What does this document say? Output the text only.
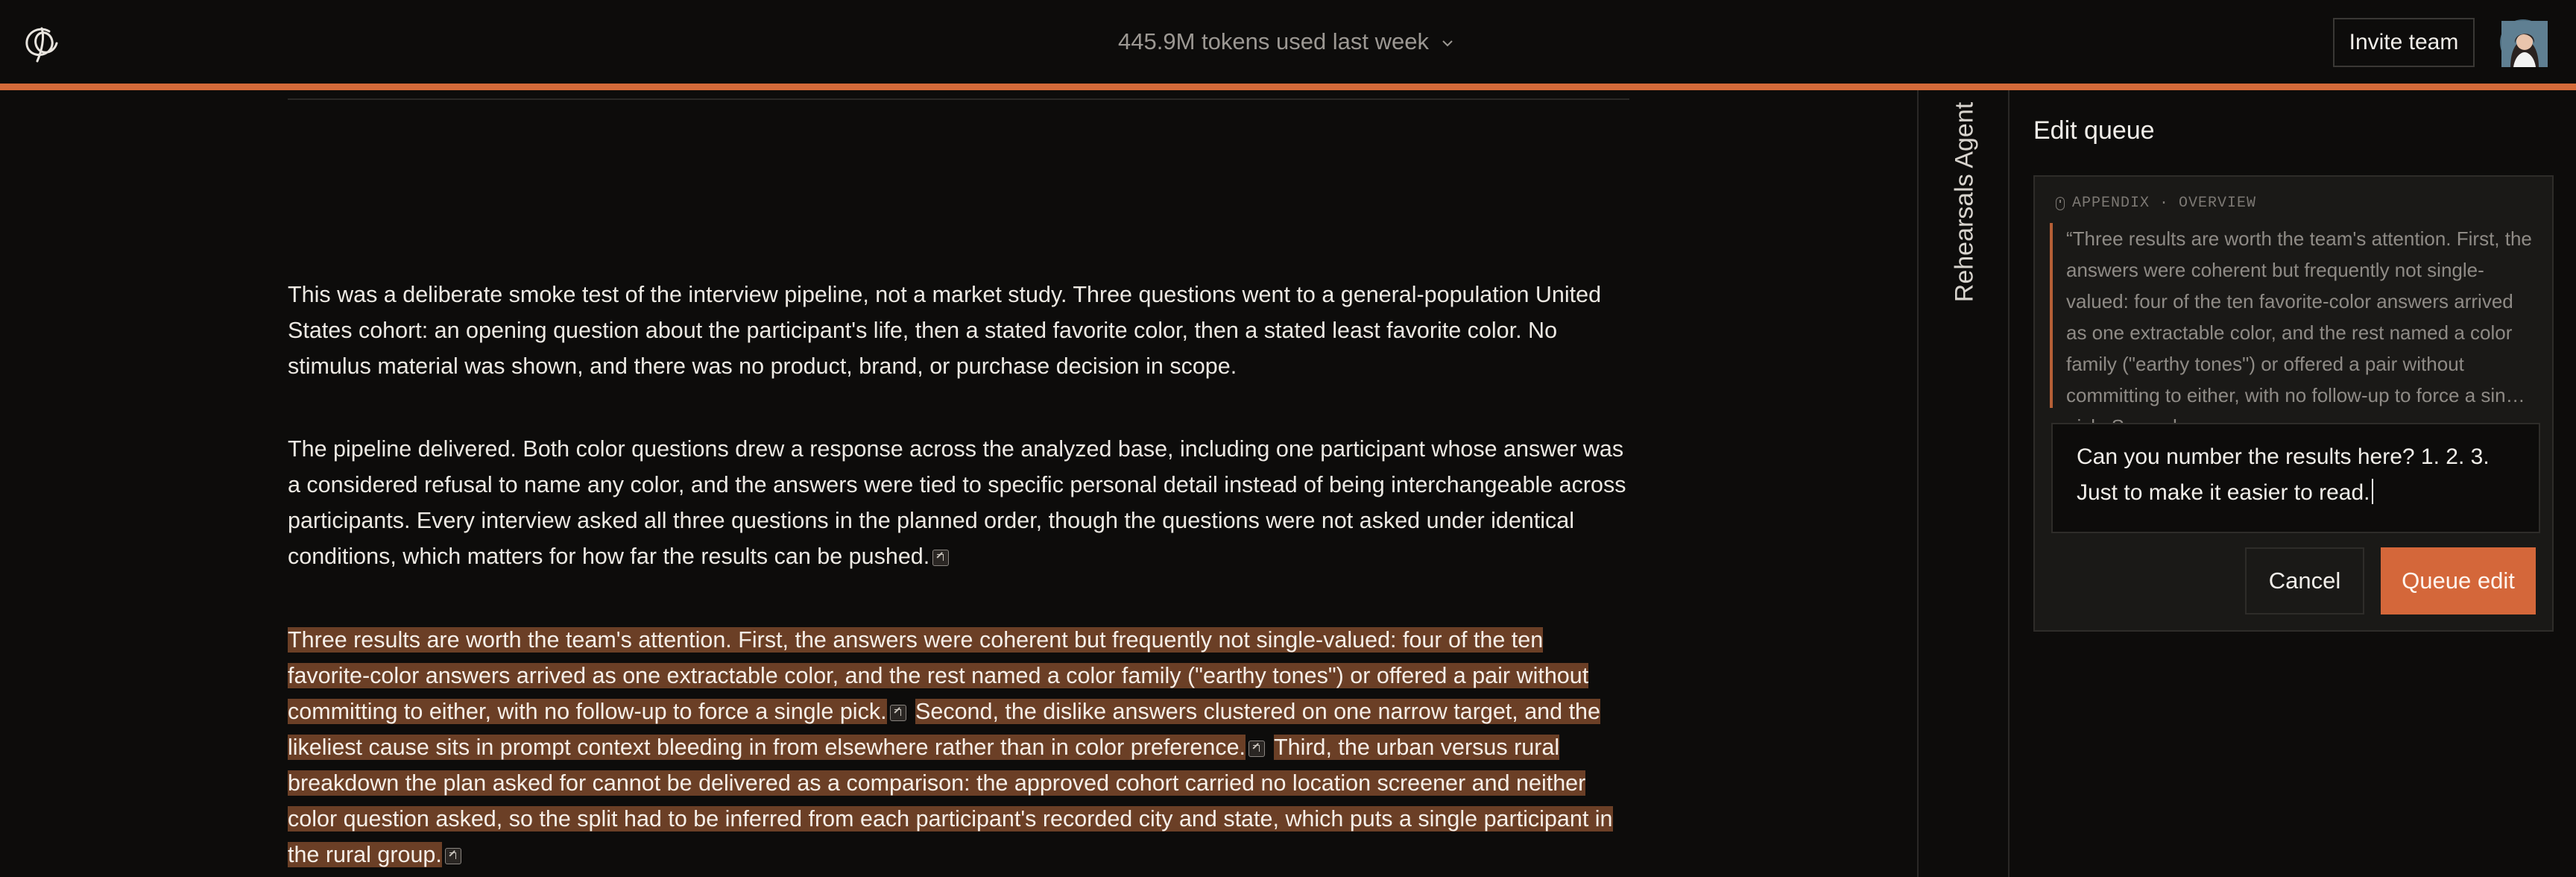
445.9M tokens used last week	Invite team

This was a deliberate smoke test of the interview pipeline, not a market study. Three questions went to a general-population United States cohort: an opening question about the participant's life, then a stated favorite color, then a stated least favorite color. No stimulus material was shown, and there was no product, brand, or purchase decision in scope.

The pipeline delivered. Both color questions drew a response across the analyzed base, including one participant whose answer was a considered refusal to name any color, and the answers were tied to specific personal detail instead of being interchangeable across participants. Every interview asked all three questions in the planned order, though the questions were not asked under identical conditions, which matters for how far the results can be pushed.

Three results are worth the team's attention. First, the answers were coherent but frequently not single-valued: four of the ten favorite-color answers arrived as one extractable color, and the rest named a color family ("earthy tones") or offered a pair without committing to either, with no follow-up to force a single pick. Second, the dislike answers clustered on one narrow target, and the likeliest cause sits in prompt context bleeding in from elsewhere rather than in color preference. Third, the urban versus rural breakdown the plan asked for cannot be delivered as a comparison: the approved cohort carried no location screener and neither color question asked, so the split had to be inferred from each participant's recorded city and state, which puts a single participant in the rural group.

Rehearsals Agent Edit queue
APPENDIX · OVERVIEW
“Three results are worth the team's attention. First, the answers were coherent but frequently not single-valued: four of the ten favorite-color answers arrived as one extractable color, and the rest named a color family ("earthy tones") or offered a pair without committing to either, with no follow-up to force a single
Can you number the results here? 1. 2. 3. Just to make it easier to read.
Cancel	Queue edit
